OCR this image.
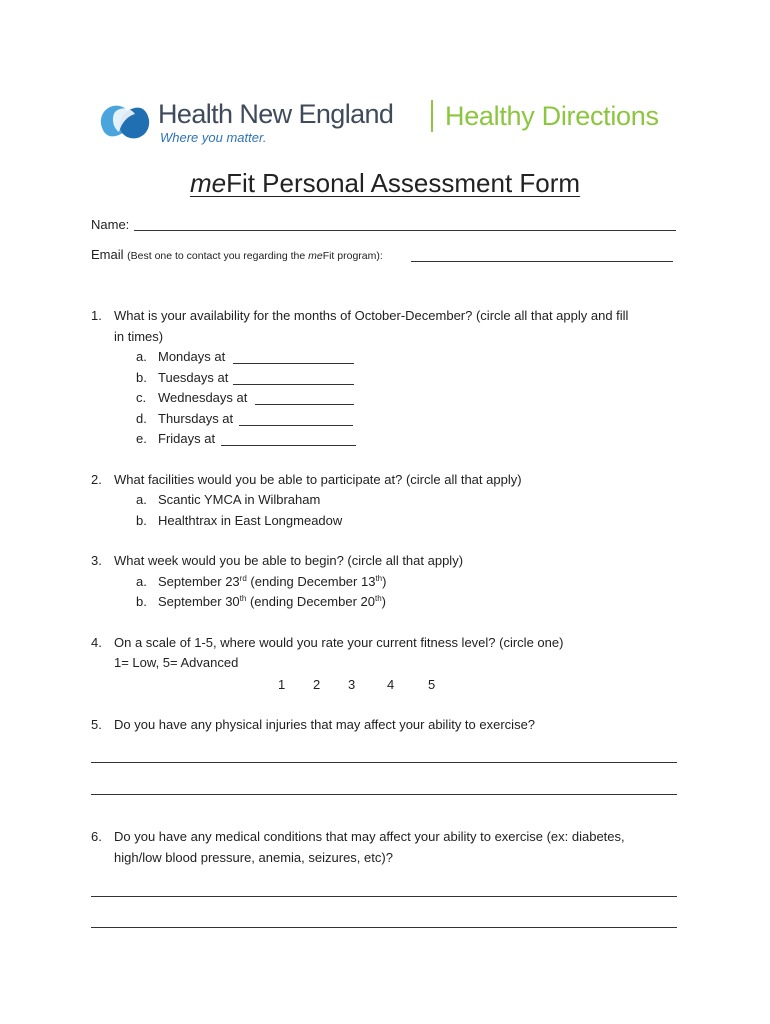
Health New England
Where you matter.
Healthy Directions
meFit Personal Assessment Form
Name:
Email (Best one to contact you regarding the meFit program):
1. What is your availability for the months of October-December? (circle all that apply and fill
in times)
a. Mondays at
b. Tuesdays at
c. Wednesdays at
d. Thursdays at
e. Fridays at
2. What facilities would you be able to participate at? (circle all that apply)
a. Scantic YMCA in Wilbraham
b. Healthtrax in East Longmeadow
3. What week would you be able to begin? (circle all that apply)
a. September 23rd (ending December 13th)
b. September 30th (ending December 20th)
4. On a scale of 1-5, where would you rate your current fitness level? (circle one)
1= Low, 5= Advanced
1 2 3 4	5
5. Do you have any physical injuries that may affect your ability to exercise?
6. Do you have any medical conditions that may affect your ability to exercise (ex: diabetes,
high/low blood pressure, anemia, seizures, etc)?
